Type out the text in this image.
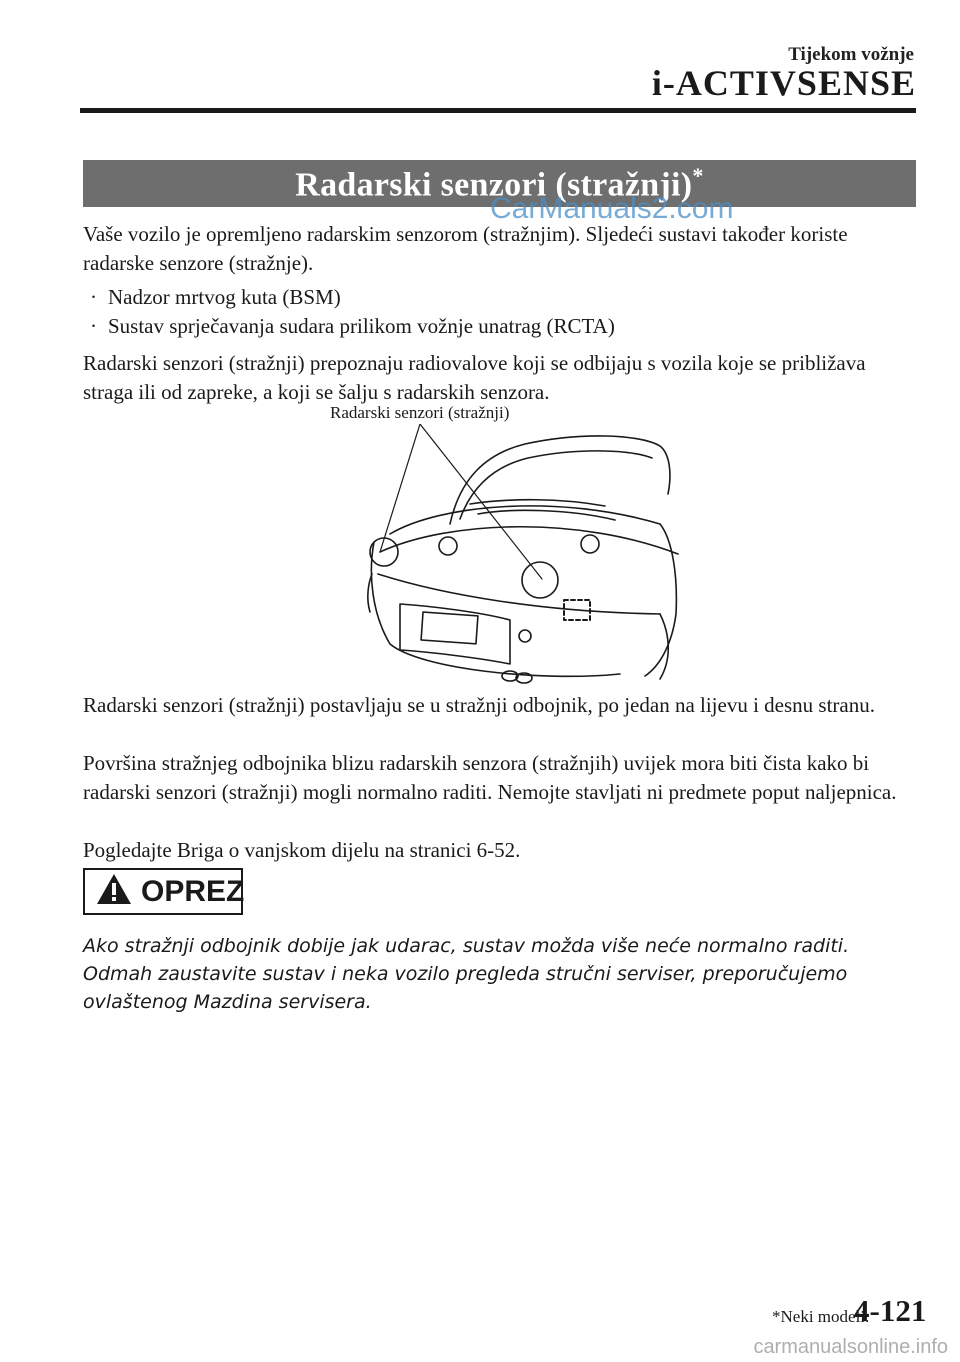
Tijekom vožnje
i-ACTIVSENSE
Radarski senzori (stražnji)*
CarManuals2.com
Vaše vozilo je opremljeno radarskim senzorom (stražnjim). Sljedeći sustavi također koriste radarske senzore (stražnje).
· Nadzor mrtvog kuta (BSM)
· Sustav sprječavanja sudara prilikom vožnje unatrag (RCTA)
Radarski senzori (stražnji) prepoznaju radiovalove koji se odbijaju s vozila koje se približava straga ili od zapreke, a koji se šalju s radarskih senzora.
Radarski senzori (stražnji)
Radarski senzori (stražnji) postavljaju se u stražnji odbojnik, po jedan na lijevu i desnu stranu.
Površina stražnjeg odbojnika blizu radarskih senzora (stražnjih) uvijek mora biti čista kako bi radarski senzori (stražnji) mogli normalno raditi. Nemojte stavljati ni predmete poput naljepnica.
Pogledajte Briga o vanjskom dijelu na stranici 6-52.
OPREZ
Ako stražnji odbojnik dobije jak udarac, sustav možda više neće normalno raditi. Odmah zaustavite sustav i neka vozilo pregleda stručni serviser, preporučujemo ovlaštenog Mazdina servisera.
*Neki modeli.
4-121
carmanualsonline.info
